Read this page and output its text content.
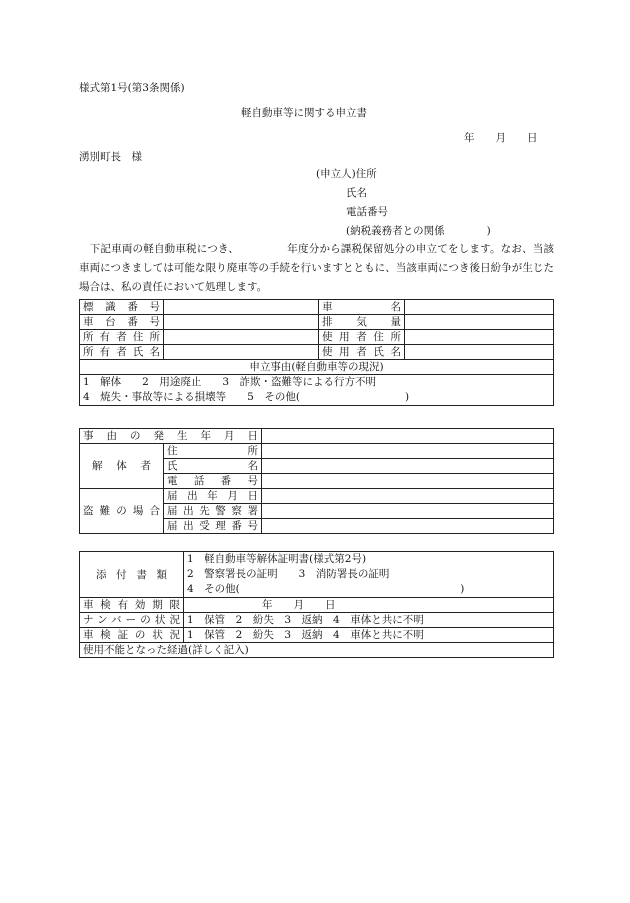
様式第1号(第3条関係)
軽自動車等に関する申立書
年　　月　　日
湧別町長　様
(申立人)住所
氏名
電話番号
(納税義務者との関係　　　　)
　下記車両の軽自動車税につき、　　　　　年度分から課税保留処分の申立てをします。なお、当該車両につきましては可能な限り廃車等の手続を行いますとともに、当該車両につき後日紛争が生じた場合は、私の責任において処理します。
標識番号		車名	
車台番号		排気量	
所有者住所		使用者住所	
所有者氏名		使用者氏名	
申立事由(軽自動車等の現況)			

1　解体　　2　用途廃止　　3　詐欺・盗難等による行方不明
4　焼失・事故等による損壊等　　5　その他(　　　　　　　　　　)			
事由の発生年月日		
解体者	住所	
	氏名	
	電話番号	
盗難の場合	届出年月日	
	届出先警察署	
	届出受理番号	
添付書類	1　軽自動車等解体証明書(様式第2号)
2　警察署長の証明　　3　消防署長の証明
4　その他(　　　　　　　　　　　　　　　　　　　　　)

車検有効期限	年　　月　　日
ナンバーの状況	1　保管　2　紛失　3　返納　4　車体と共に不明
車検証の状況	1　保管　2　紛失　3　返納　4　車体と共に不明
使用不能となった経過(詳しく記入)	
